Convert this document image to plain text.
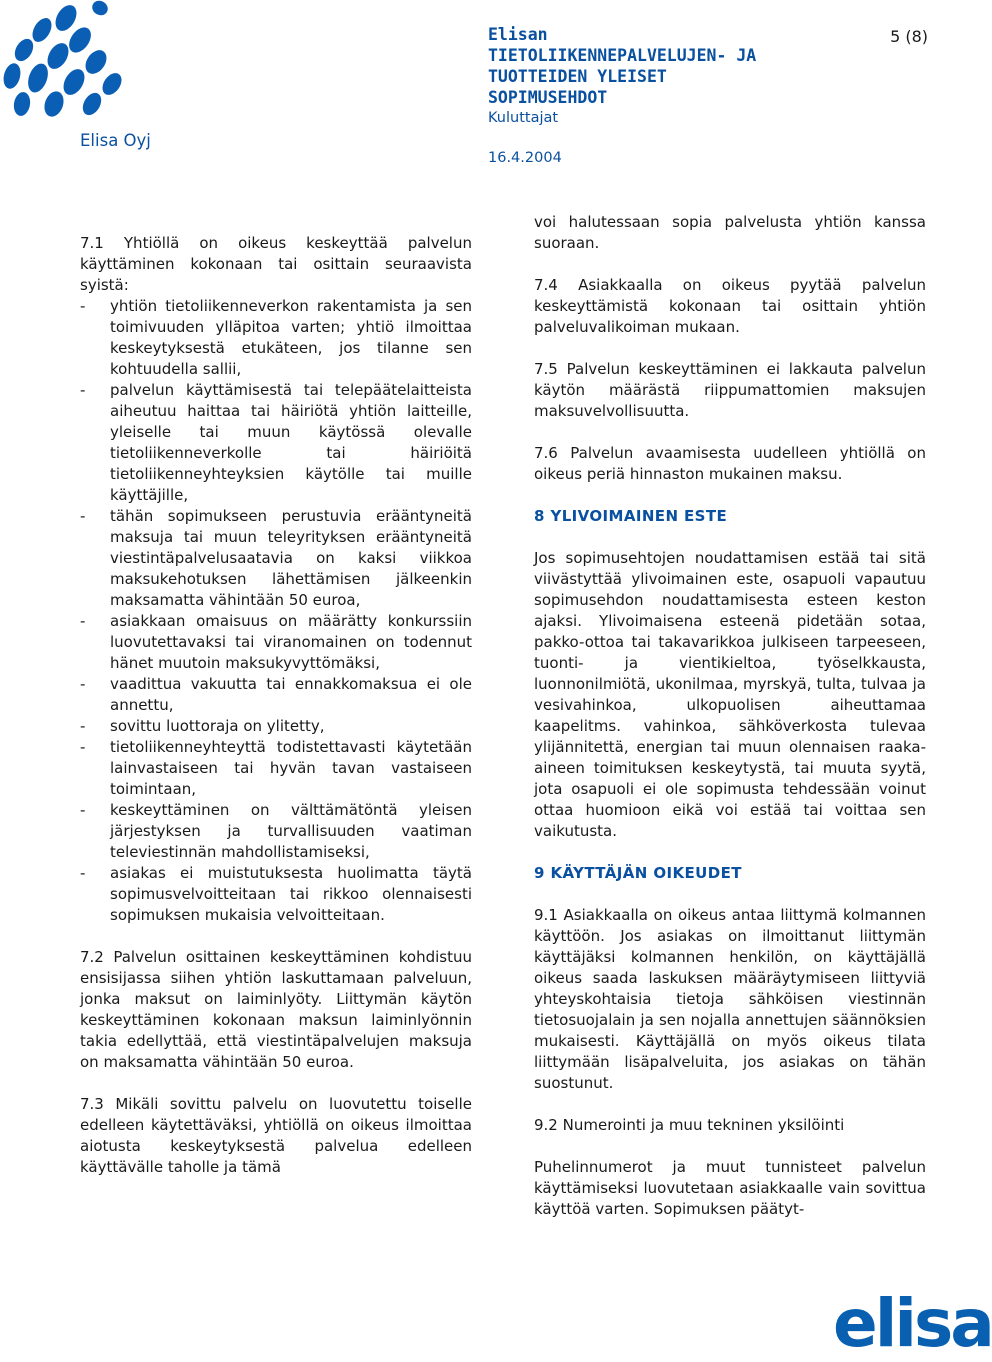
Elisa Oyj
Elisan
TIETOLIIKENNEPALVELUJEN- JA
TUOTTEIDEN YLEISET
SOPIMUSEHDOT
Kuluttajat
16.4.2004
5 (8)

7.1 Yhtiöllä on oikeus keskeyttää palvelun käyttäminen kokonaan tai osittain seuraavista syistä:

- yhtiön tietoliikenneverkon rakentamista ja sen toimivuuden ylläpitoa varten; yhtiö ilmoittaa keskeytyksestä etukäteen, jos tilanne sen kohtuudella sallii,
- palvelun käyttämisestä tai telepäätelaitteista aiheutuu haittaa tai häiriötä yhtiön laitteille, yleiselle tai muun käytössä olevalle tietoliikenneverkolle tai häiriöitä tietoliikenneyhteyksien käytölle tai muille käyttäjille,
- tähän sopimukseen perustuvia erääntyneitä maksuja tai muun teleyrityksen erääntyneitä viestintäpalvelusaatavia on kaksi viikkoa maksukehotuksen lähettämisen jälkeenkin maksamatta vähintään 50 euroa,
- asiakkaan omaisuus on määrätty konkurssiin luovutettavaksi tai viranomainen on todennut hänet muutoin maksukyvyttömäksi,
- vaadittua vakuutta tai ennakkomaksua ei ole annettu,
- sovittu luottoraja on ylitetty,
- tietoliikenneyhteyttä todistettavasti käytetään lainvastaiseen tai hyvän tavan vastaiseen toimintaan,
- keskeyttäminen on välttämätöntä yleisen järjestyksen ja turvallisuuden vaatiman televiestinnän mahdollistamiseksi,
- asiakas ei muistutuksesta huolimatta täytä sopimusvelvoitteitaan tai rikkoo olennaisesti sopimuksen mukaisia velvoitteitaan.

7.2 Palvelun osittainen keskeyttäminen kohdistuu ensisijassa siihen yhtiön laskuttamaan palveluun, jonka maksut on laiminlyöty. Liittymän käytön keskeyttäminen kokonaan maksun laiminlyönnin takia edellyttää, että viestintäpalvelujen maksuja on maksamatta vähintään 50 euroa.

7.3 Mikäli sovittu palvelu on luovutettu toiselle edelleen käytettäväksi, yhtiöllä on oikeus ilmoittaa aiotusta keskeytyksestä palvelua edelleen käyttävälle taholle ja tämä

voi halutessaan sopia palvelusta yhtiön kanssa suoraan.

7.4 Asiakkaalla on oikeus pyytää palvelun keskeyttämistä kokonaan tai osittain yhtiön palveluvalikoiman mukaan.

7.5 Palvelun keskeyttäminen ei lakkauta palvelun käytön määrästä riippumattomien maksujen maksuvelvollisuutta.

7.6 Palvelun avaamisesta uudelleen yhtiöllä on oikeus periä hinnaston mukainen maksu.

8 YLIVOIMAINEN ESTE

Jos sopimusehtojen noudattamisen estää tai sitä viivästyttää ylivoimainen este, osapuoli vapautuu sopimusehdon noudattamisesta esteen keston ajaksi. Ylivoimaisena esteenä pidetään sotaa, pakko-ottoa tai takavarikkoa julkiseen tarpeeseen, tuonti- ja vientikieltoa, työselkkausta, luonnonilmiötä, ukonilmaa, myrskyä, tulta, tulvaa ja vesivahinkoa, ulkopuolisen aiheuttamaa kaapelitms. vahinkoa, sähköverkosta tulevaa ylijännitettä, energian tai muun olennaisen raaka-aineen toimituksen keskeytystä, tai muuta syytä, jota osapuoli ei ole sopimusta tehdessään voinut ottaa huomioon eikä voi estää tai voittaa sen vaikutusta.

9 KÄYTTÄJÄN OIKEUDET

9.1 Asiakkaalla on oikeus antaa liittymä kolmannen käyttöön. Jos asiakas on ilmoittanut liittymän käyttäjäksi kolmannen henkilön, on käyttäjällä oikeus saada laskuksen määräytymiseen liittyviä yhteyskohtaisia tietoja sähköisen viestinnän tietosuojalain ja sen nojalla annettujen säännöksien mukaisesti. Käyttäjällä on myös oikeus tilata liittymään lisäpalveluita, jos asiakas on tähän suostunut.

9.2 Numerointi ja muu tekninen yksilöinti

Puhelinnumerot ja muut tunnisteet palvelun käyttämiseksi luovutetaan asiakkaalle vain sovittua käyttöä varten. Sopimuksen päätyt-

elisa
